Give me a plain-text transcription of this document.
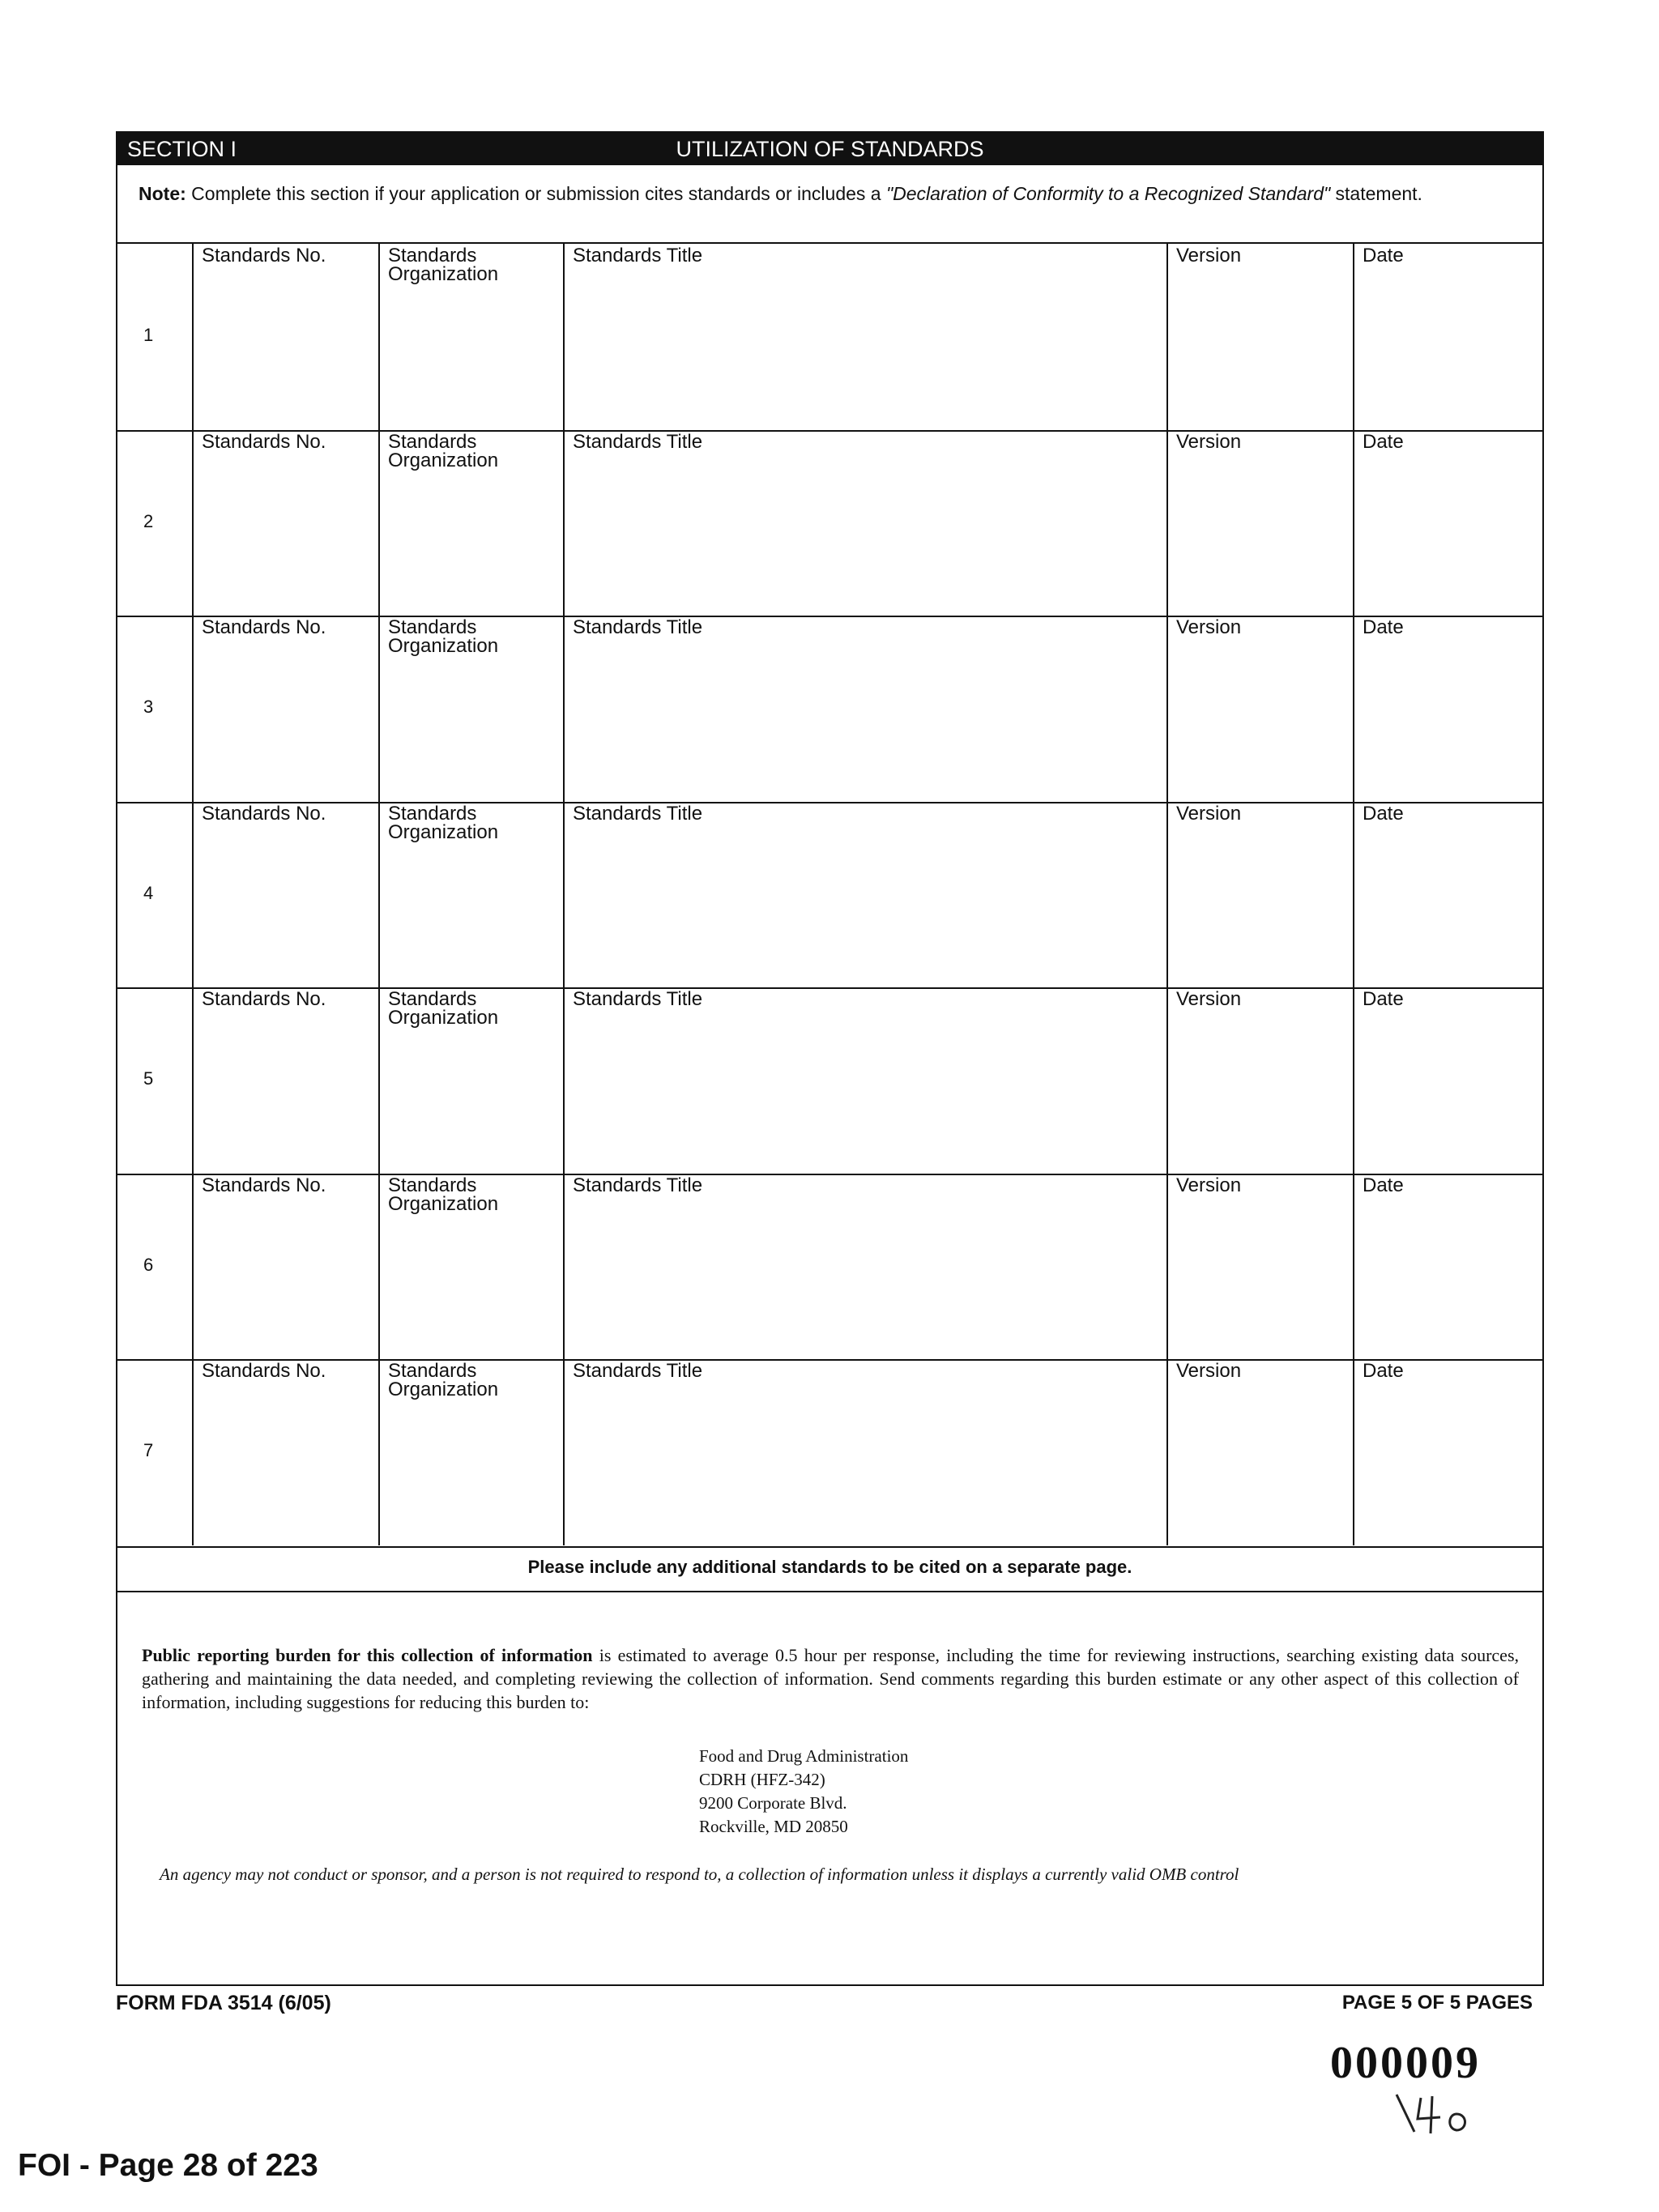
SECTION I	UTILIZATION OF STANDARDS
Note: Complete this section if your application or submission cites standards or includes a "Declaration of Conformity to a Recognized Standard" statement.
1
Standards No.	Standards
Organization
Standards Title	Version	Date
2
Standards No.	Standards
Organization
Standards Title	Version	Date
3
Standards No.	Standards
Organization
Standards Title	Version	Date
4
Standards No.	Standards
Organization
Standards Title	Version	Date
5
Standards No.	Standards
Organization
Standards Title	Version	Date
6
Standards No.	Standards
Organization
Standards Title	Version	Date
7
Standards No.	Standards
Organization
Standards Title	Version	Date
Please include any additional standards to be cited on a separate page.
Public reporting burden for this collection of information is estimated to average 0.5 hour per response, including the time for reviewing instructions, searching existing data sources, gathering and maintaining the data needed, and completing reviewing the collection of information. Send comments regarding this burden estimate or any other aspect of this collection of information, including suggestions for reducing this burden to:
Food and Drug Administration
CDRH (HFZ-342)
9200 Corporate Blvd.
Rockville, MD 20850
An agency may not conduct or sponsor, and a person is not required to respond to, a collection of information unless it displays a currently valid OMB control
FORM FDA 3514 (6/05)	PAGE 5 OF 5 PAGES
000009
FOI - Page 28 of 223
